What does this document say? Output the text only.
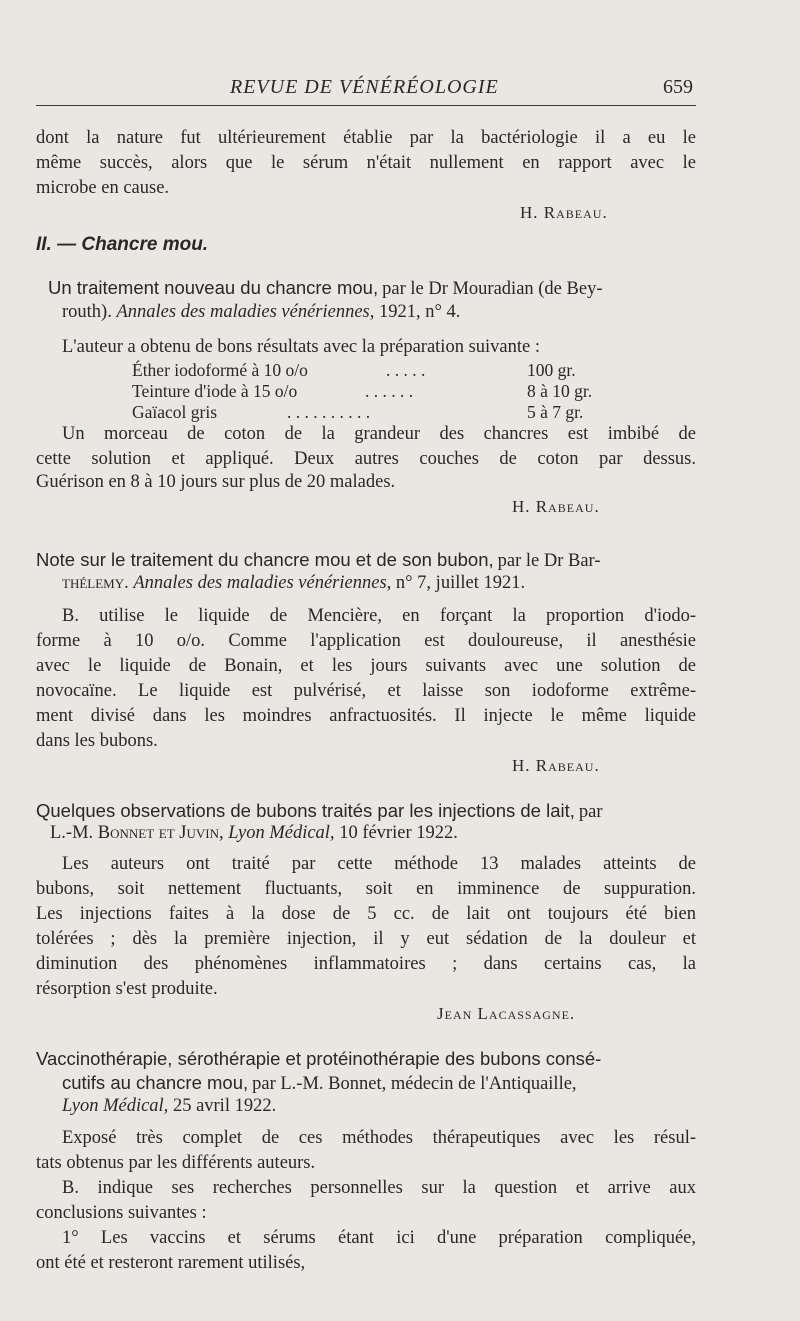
REVUE DE VÉNÉRÉOLOGIE	659
dont la nature fut ultérieurement établie par la bactériologie il a eu le
même succès, alors que le sérum n'était nullement en rapport avec le
microbe en cause.
H. Rabeau.
II. — Chancre mou.
Un traitement nouveau du chancre mou, par le Dr Mouradian (de Bey-
routh). Annales des maladies vénériennes, 1921, n° 4.
L'auteur a obtenu de bons résultats avec la préparation suivante :
Éther iodoformé à 10 o/o	. . . . .	100 gr.
Teinture d'iode à 15 o/o	. . . . . .	8 à 10 gr.
Gaïacol gris	. . . . . . . . . .	5 à 7 gr.
Un morceau de coton de la grandeur des chancres est imbibé de
cette solution et appliqué. Deux autres couches de coton par dessus.
Guérison en 8 à 10 jours sur plus de 20 malades.
H. Rabeau.
Note sur le traitement du chancre mou et de son bubon, par le Dr Bar-
thélemy. Annales des maladies vénériennes, n° 7, juillet 1921.
B. utilise le liquide de Mencière, en forçant la proportion d'iodo-
forme à 10 o/o. Comme l'application est douloureuse, il anesthésie
avec le liquide de Bonain, et les jours suivants avec une solution de
novocaïne. Le liquide est pulvérisé, et laisse son iodoforme extrême-
ment divisé dans les moindres anfractuosités. Il injecte le même liquide
dans les bubons.
H. Rabeau.
Quelques observations de bubons traités par les injections de lait, par
L.-M. Bonnet et Juvin, Lyon Médical, 10 février 1922.
Les auteurs ont traité par cette méthode 13 malades atteints de
bubons, soit nettement fluctuants, soit en imminence de suppuration.
Les injections faites à la dose de 5 cc. de lait ont toujours été bien
tolérées ; dès la première injection, il y eut sédation de la douleur et
diminution des phénomènes inflammatoires ; dans certains cas, la
résorption s'est produite.
Jean Lacassagne.
Vaccinothérapie, sérothérapie et protéinothérapie des bubons consé-
cutifs au chancre mou, par L.-M. Bonnet, médecin de l'Antiquaille,
Lyon Médical, 25 avril 1922.
Exposé très complet de ces méthodes thérapeutiques avec les résul-
tats obtenus par les différents auteurs.
B. indique ses recherches personnelles sur la question et arrive aux
conclusions suivantes :
1° Les vaccins et sérums étant ici d'une préparation compliquée,
ont été et resteront rarement utilisés,
